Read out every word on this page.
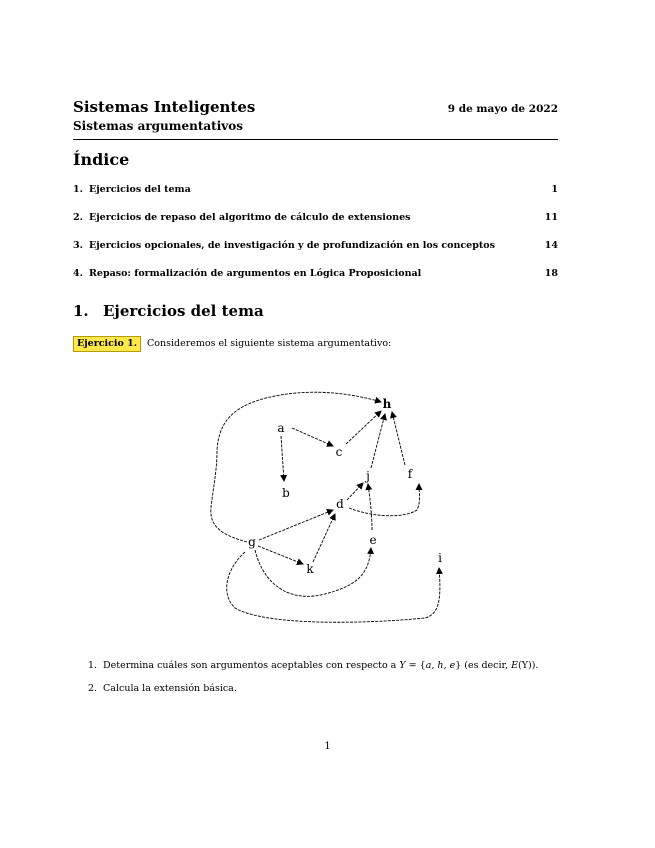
Sistemas Inteligentes	9 de mayo de 2022
Sistemas argumentativos
Índice
1. Ejercicios del tema	1
2. Ejercicios de repaso del algoritmo de cálculo de extensiones	11
3. Ejercicios opcionales, de investigación y de profundización en los conceptos	14
4. Repaso: formalización de argumentos en Lógica Proposicional	18
1. Ejercicios del tema
Ejercicio 1.	Consideremos el siguiente sistema argumentativo:
h
a
c
j	f
b
d
g	e
i
k
1. Determina cuáles son argumentos aceptables con respecto a Y = {a, h, e} (es decir, E(Y)).
2. Calcula la extensión básica.
1
